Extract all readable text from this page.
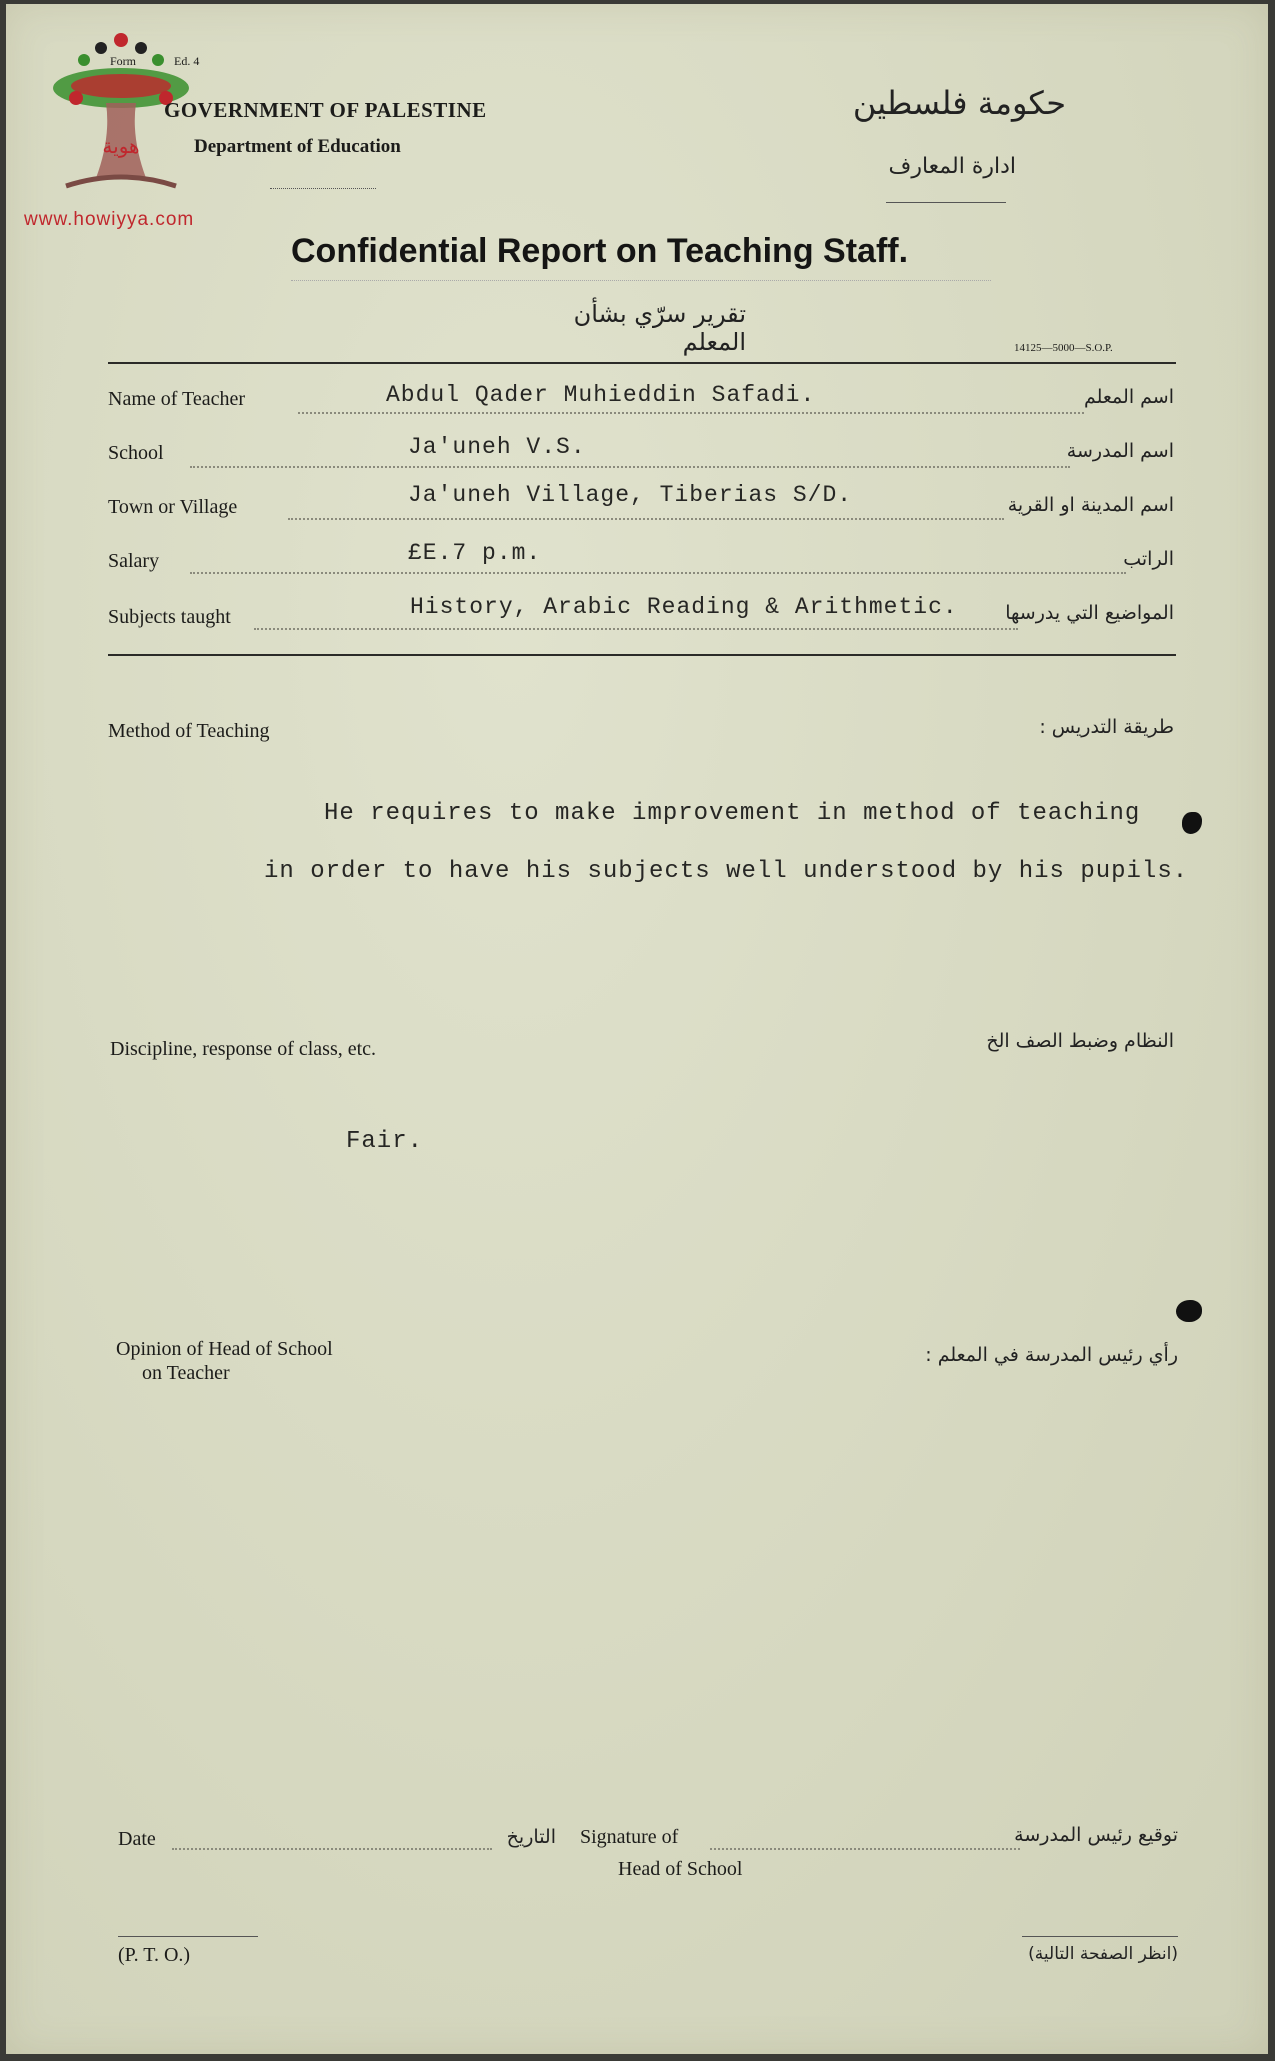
هوية
www.howiyya.com
Form	Ed. 4
GOVERNMENT OF PALESTINE
Department of Education
حكومة فلسطين
ادارة المعارف
Confidential Report on Teaching Staff.
تقرير سرّي بشأن المعلم	14125—5000—S.O.P.
Name of Teacher	Abdul Qader Muhieddin Safadi.	اسم المعلم
School	Ja'uneh V.S.	اسم المدرسة
Town or Village	Ja'uneh Village, Tiberias S/D.	اسم المدينة او القرية
Salary	£E.7 p.m.	الراتب
Subjects taught	History, Arabic Reading & Arithmetic.	المواضيع التي يدرسها
Method of Teaching	طريقة التدريس :
He requires to make improvement in method of teaching
in order to have his subjects well understood by his pupils.
Discipline, response of class, etc.	النظام وضبط الصف الخ
Fair.
Opinion of Head of School
on Teacher
رأي رئيس المدرسة في المعلم :
Date	التاريخ Signature of
Head of School
توقيع رئيس المدرسة
(P. T. O.)	(انظر الصفحة التالية)
